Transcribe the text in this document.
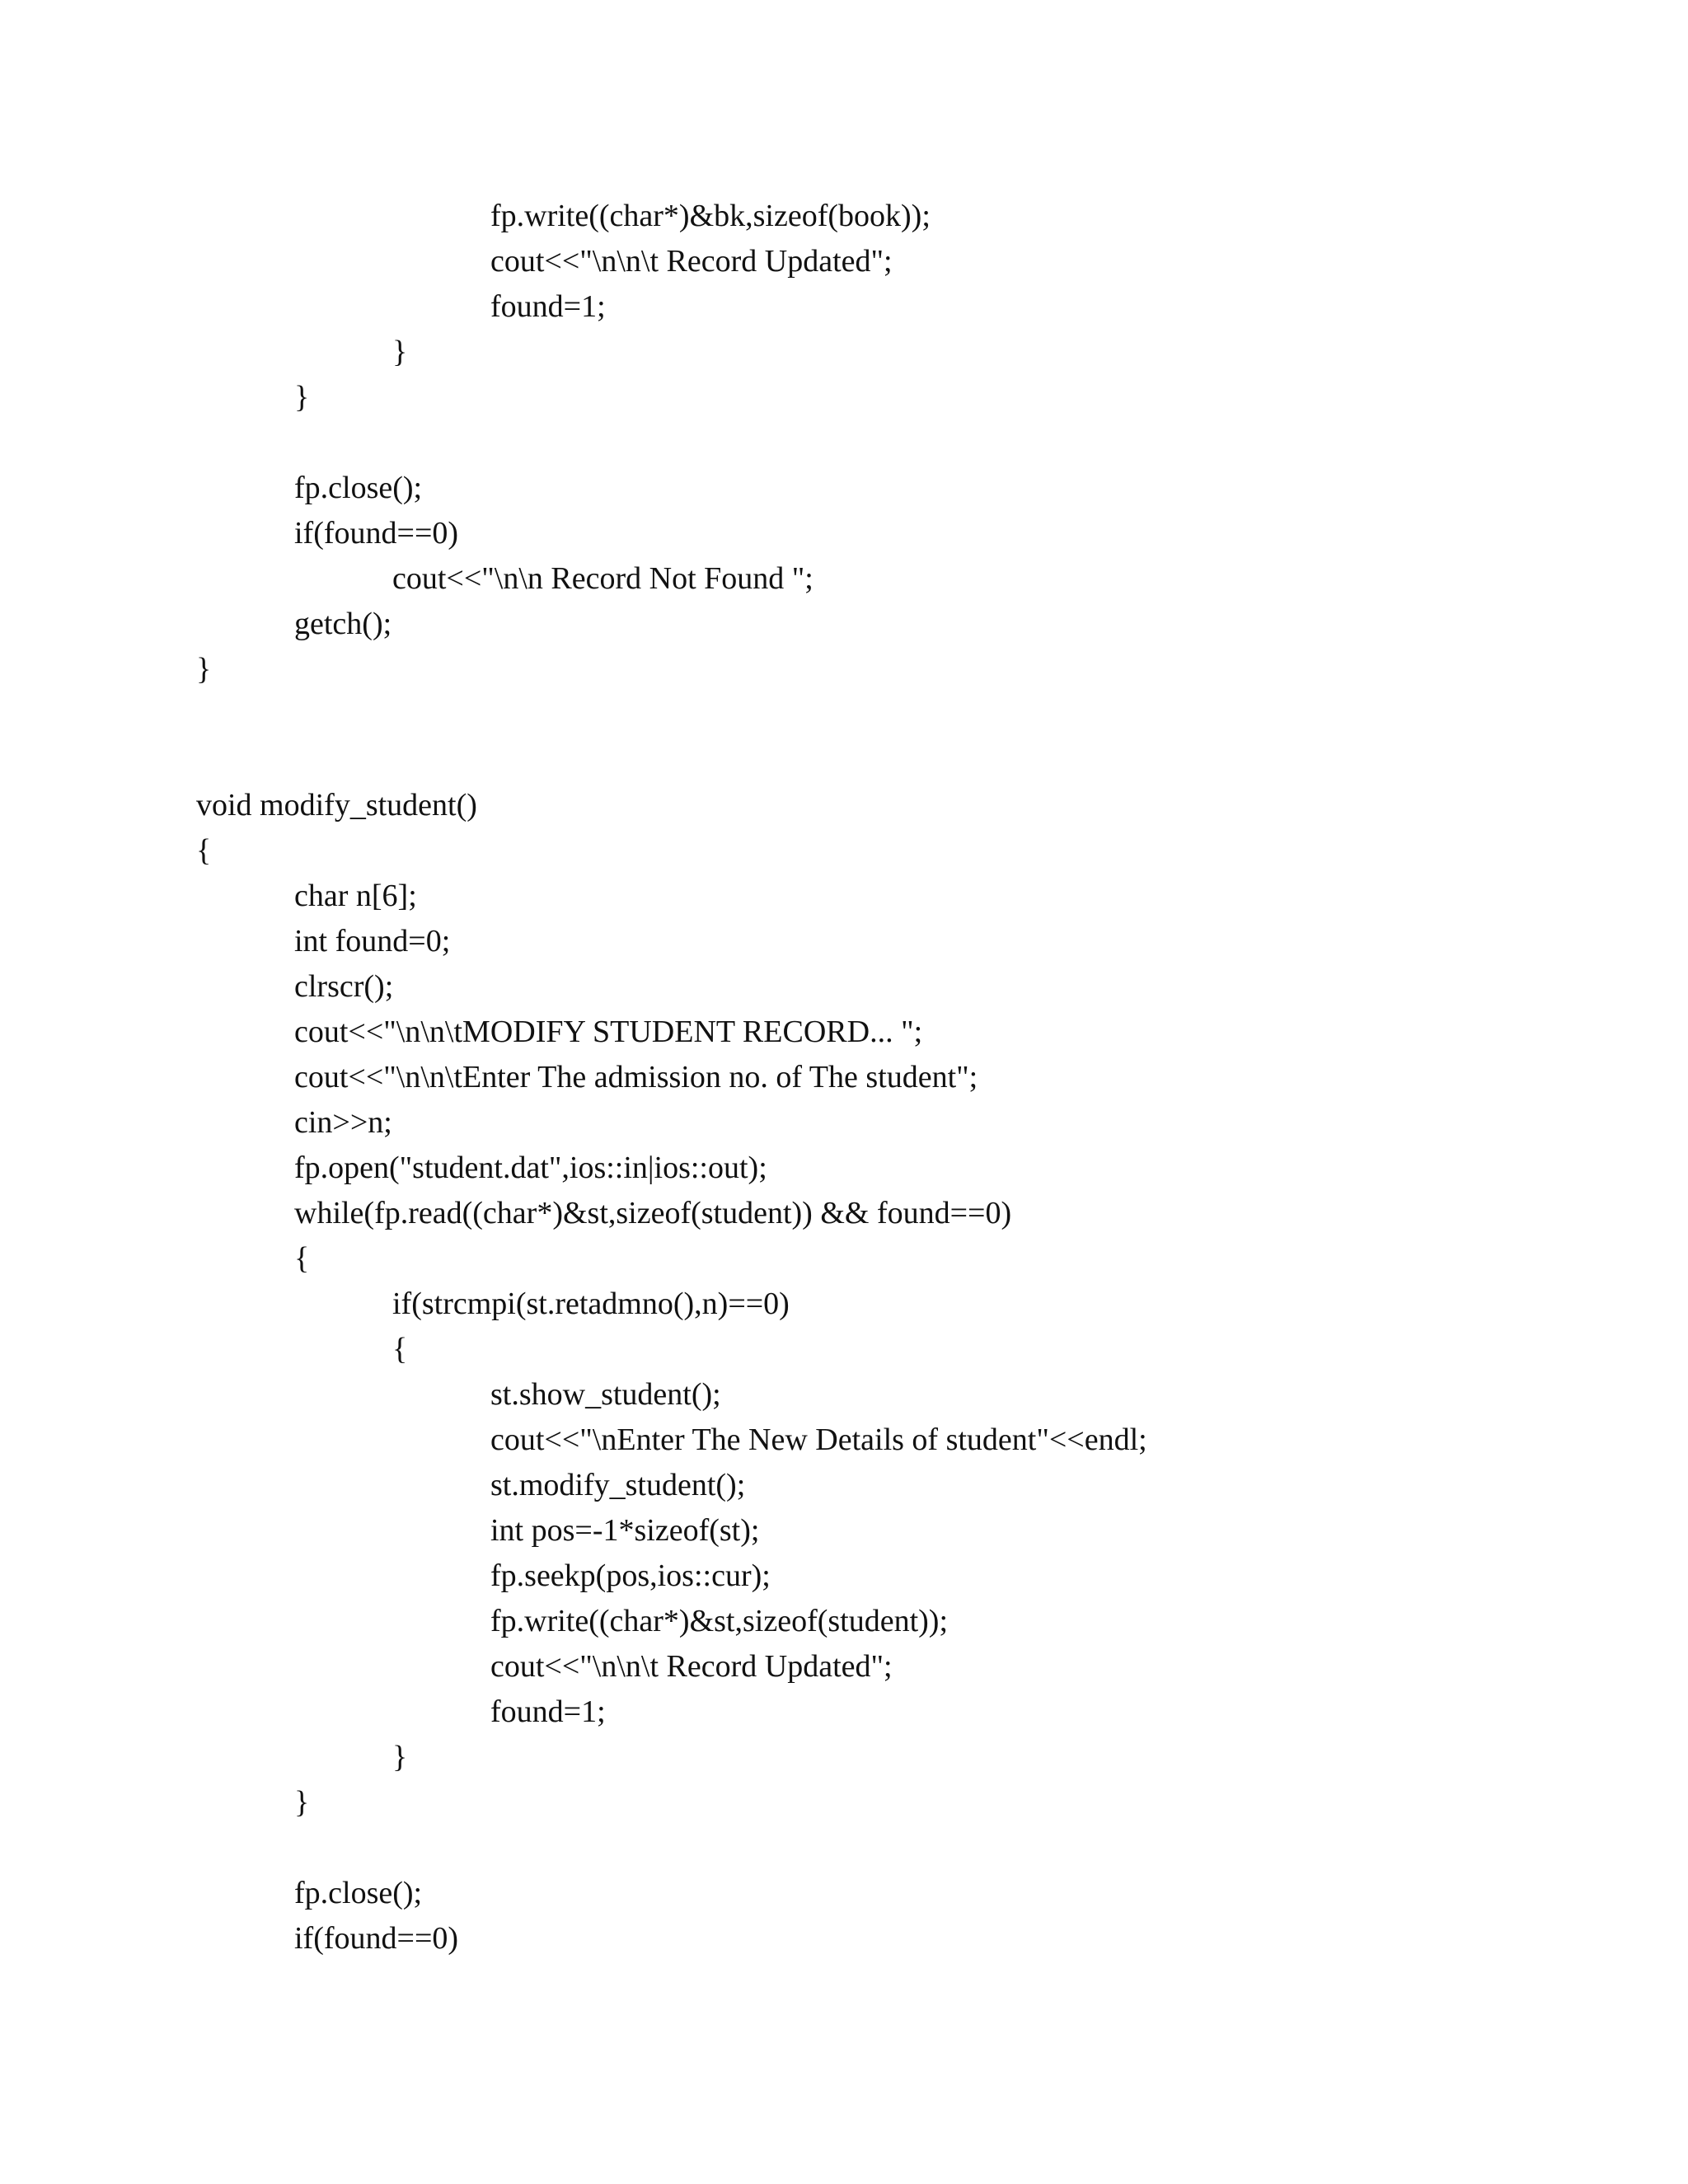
fp.write((char*)&bk,sizeof(book));
cout<<"\n\n\t Record Updated";
found=1;
}
}
fp.close();
if(found==0)
cout<<"\n\n Record Not Found ";
getch();
}
void modify_student()
{
char n[6];
int found=0;
clrscr();
cout<<"\n\n\tMODIFY STUDENT RECORD... ";
cout<<"\n\n\tEnter The admission no. of The student";
cin>>n;
fp.open("student.dat",ios::in|ios::out);
while(fp.read((char*)&st,sizeof(student)) && found==0)
{
if(strcmpi(st.retadmno(),n)==0)
{
st.show_student();
cout<<"\nEnter The New Details of student"<<endl;
st.modify_student();
int pos=-1*sizeof(st);
fp.seekp(pos,ios::cur);
fp.write((char*)&st,sizeof(student));
cout<<"\n\n\t Record Updated";
found=1;
}
}
fp.close();
if(found==0)
